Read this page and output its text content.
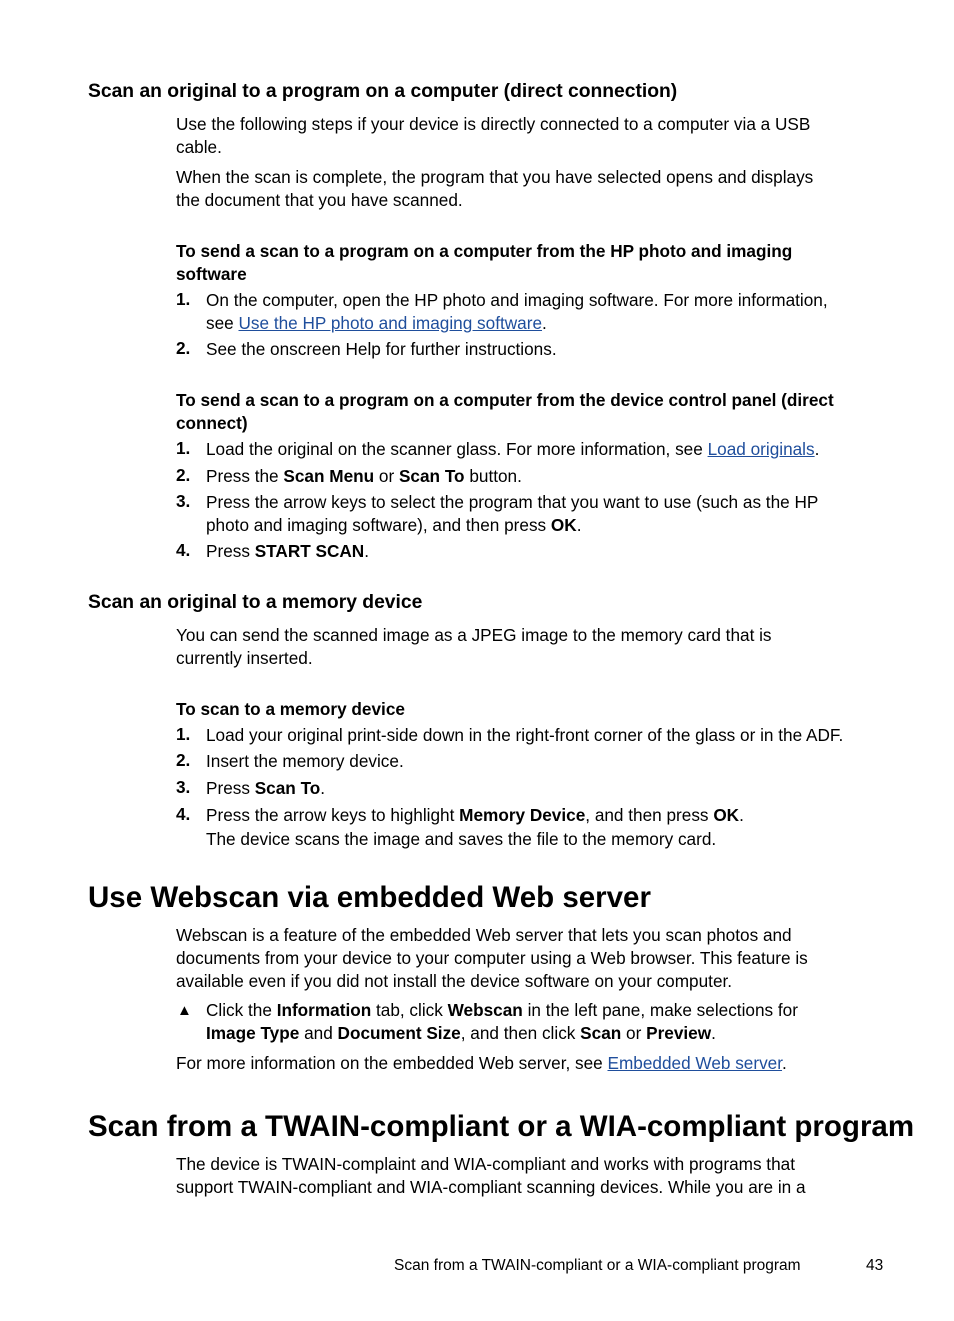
Scan an original to a program on a computer (direct connection)
Use the following steps if your device is directly connected to a computer via a USB
cable.
When the scan is complete, the program that you have selected opens and displays
the document that you have scanned.
To send a scan to a program on a computer from the HP photo and imaging
software
1. On the computer, open the HP photo and imaging software. For more information,
see Use the HP photo and imaging software.
2. See the onscreen Help for further instructions.
To send a scan to a program on a computer from the device control panel (direct
connect)
1. Load the original on the scanner glass. For more information, see Load originals.
2. Press the Scan Menu or Scan To button.
3. Press the arrow keys to select the program that you want to use (such as the HP
photo and imaging software), and then press OK.
4. Press START SCAN.
Scan an original to a memory device
You can send the scanned image as a JPEG image to the memory card that is
currently inserted.
To scan to a memory device
1. Load your original print-side down in the right-front corner of the glass or in the ADF.
2. Insert the memory device.
3. Press Scan To.
4. Press the arrow keys to highlight Memory Device, and then press OK.
The device scans the image and saves the file to the memory card.
Use Webscan via embedded Web server
Webscan is a feature of the embedded Web server that lets you scan photos and
documents from your device to your computer using a Web browser. This feature is
available even if you did not install the device software on your computer.
▲ Click the Information tab, click Webscan in the left pane, make selections for
Image Type and Document Size, and then click Scan or Preview.
For more information on the embedded Web server, see Embedded Web server.
Scan from a TWAIN-compliant or a WIA-compliant program
The device is TWAIN-complaint and WIA-compliant and works with programs that
support TWAIN-compliant and WIA-compliant scanning devices. While you are in a
Scan from a TWAIN-compliant or a WIA-compliant program	43
